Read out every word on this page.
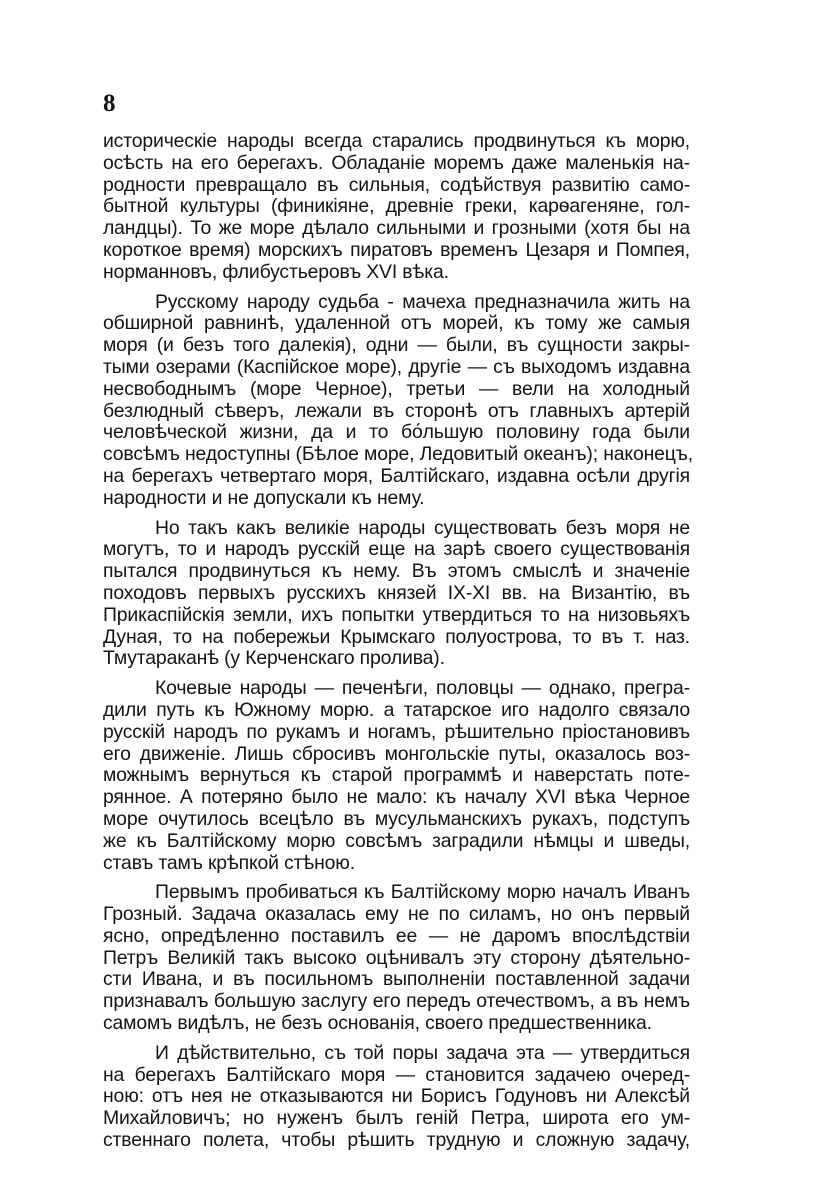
8

историческіе народы всегда старались продвинуться къ морю,
осѣсть на его берегахъ. Обладаніе моремъ даже маленькія на-
родности превращало въ сильныя, содѣйствуя развитію само-
бытной культуры (финикіяне, древніе греки, карѳагеняне, гол-
ландцы). То же море дѣлало сильными и грозными (хотя бы на
короткое время) морскихъ пиратовъ временъ Цезаря и Помпея,
норманновъ, флибустьеровъ XVI вѣка.

Русскому народу судьба - мачеха предназначила жить на
обширной равнинѣ, удаленной отъ морей, къ тому же самыя
моря (и безъ того далекія), одни — были, въ сущности закры-
тыми озерами (Каспійское море), другіе — съ выходомъ издавна
несвободнымъ (море Черное), третьи — вели на холодный
безлюдный сѣверъ, лежали въ сторонѣ отъ главныхъ артерій
человѣческой жизни, да и то бо́льшую половину года были
совсѣмъ недоступны (Бѣлое море, Ледовитый океанъ); наконецъ,
на берегахъ четвертаго моря, Балтійскаго, издавна осѣли другія
народности и не допускали къ нему.

Но такъ какъ великіе народы существовать безъ моря не
могутъ, то и народъ русскій еще на зарѣ своего существованія
пытался продвинуться къ нему. Въ этомъ смыслѣ и значеніе
походовъ первыхъ русскихъ князей IX-XI вв. на Византію, въ
Прикаспійскія земли, ихъ попытки утвердиться то на низовьяхъ
Дуная, то на побережьи Крымскаго полуострова, то въ т. наз.
Тмутараканѣ (у Керченскаго пролива).

Кочевые народы — печенѣги, половцы — однако, прегра-
дили путь къ Южному морю. а татарское иго надолго связало
русскій народъ по рукамъ и ногамъ, рѣшительно пріостановивъ
его движеніе. Лишь сбросивъ монгольскіе путы, оказалось воз-
можнымъ вернуться къ старой программѣ и наверстать поте-
рянное. А потеряно было не мало: къ началу XVI вѣка Черное
море очутилось всецѣло въ мусульманскихъ рукахъ, подступъ
же къ Балтійскому морю совсѣмъ заградили нѣмцы и шведы,
ставъ тамъ крѣпкой стѣною.

Первымъ пробиваться къ Балтійскому морю началъ Иванъ
Грозный. Задача оказалась ему не по силамъ, но онъ первый
ясно, опредѣленно поставилъ ее — не даромъ впослѣдствіи
Петръ Великій такъ высоко оцѣнивалъ эту сторону дѣятельно-
сти Ивана, и въ посильномъ выполненіи поставленной задачи
признавалъ большую заслугу его передъ отечествомъ, а въ немъ
самомъ видѣлъ, не безъ основанія, своего предшественника.

И дѣйствительно, съ той поры задача эта — утвердиться
на берегахъ Балтійскаго моря — становится задачею очеред-
ною: отъ нея не отказываются ни Борисъ Годуновъ ни Алексѣй
Михайловичъ; но нуженъ былъ геній Петра, широта его ум-
ственнаго полета, чтобы рѣшить трудную и сложную задачу,
